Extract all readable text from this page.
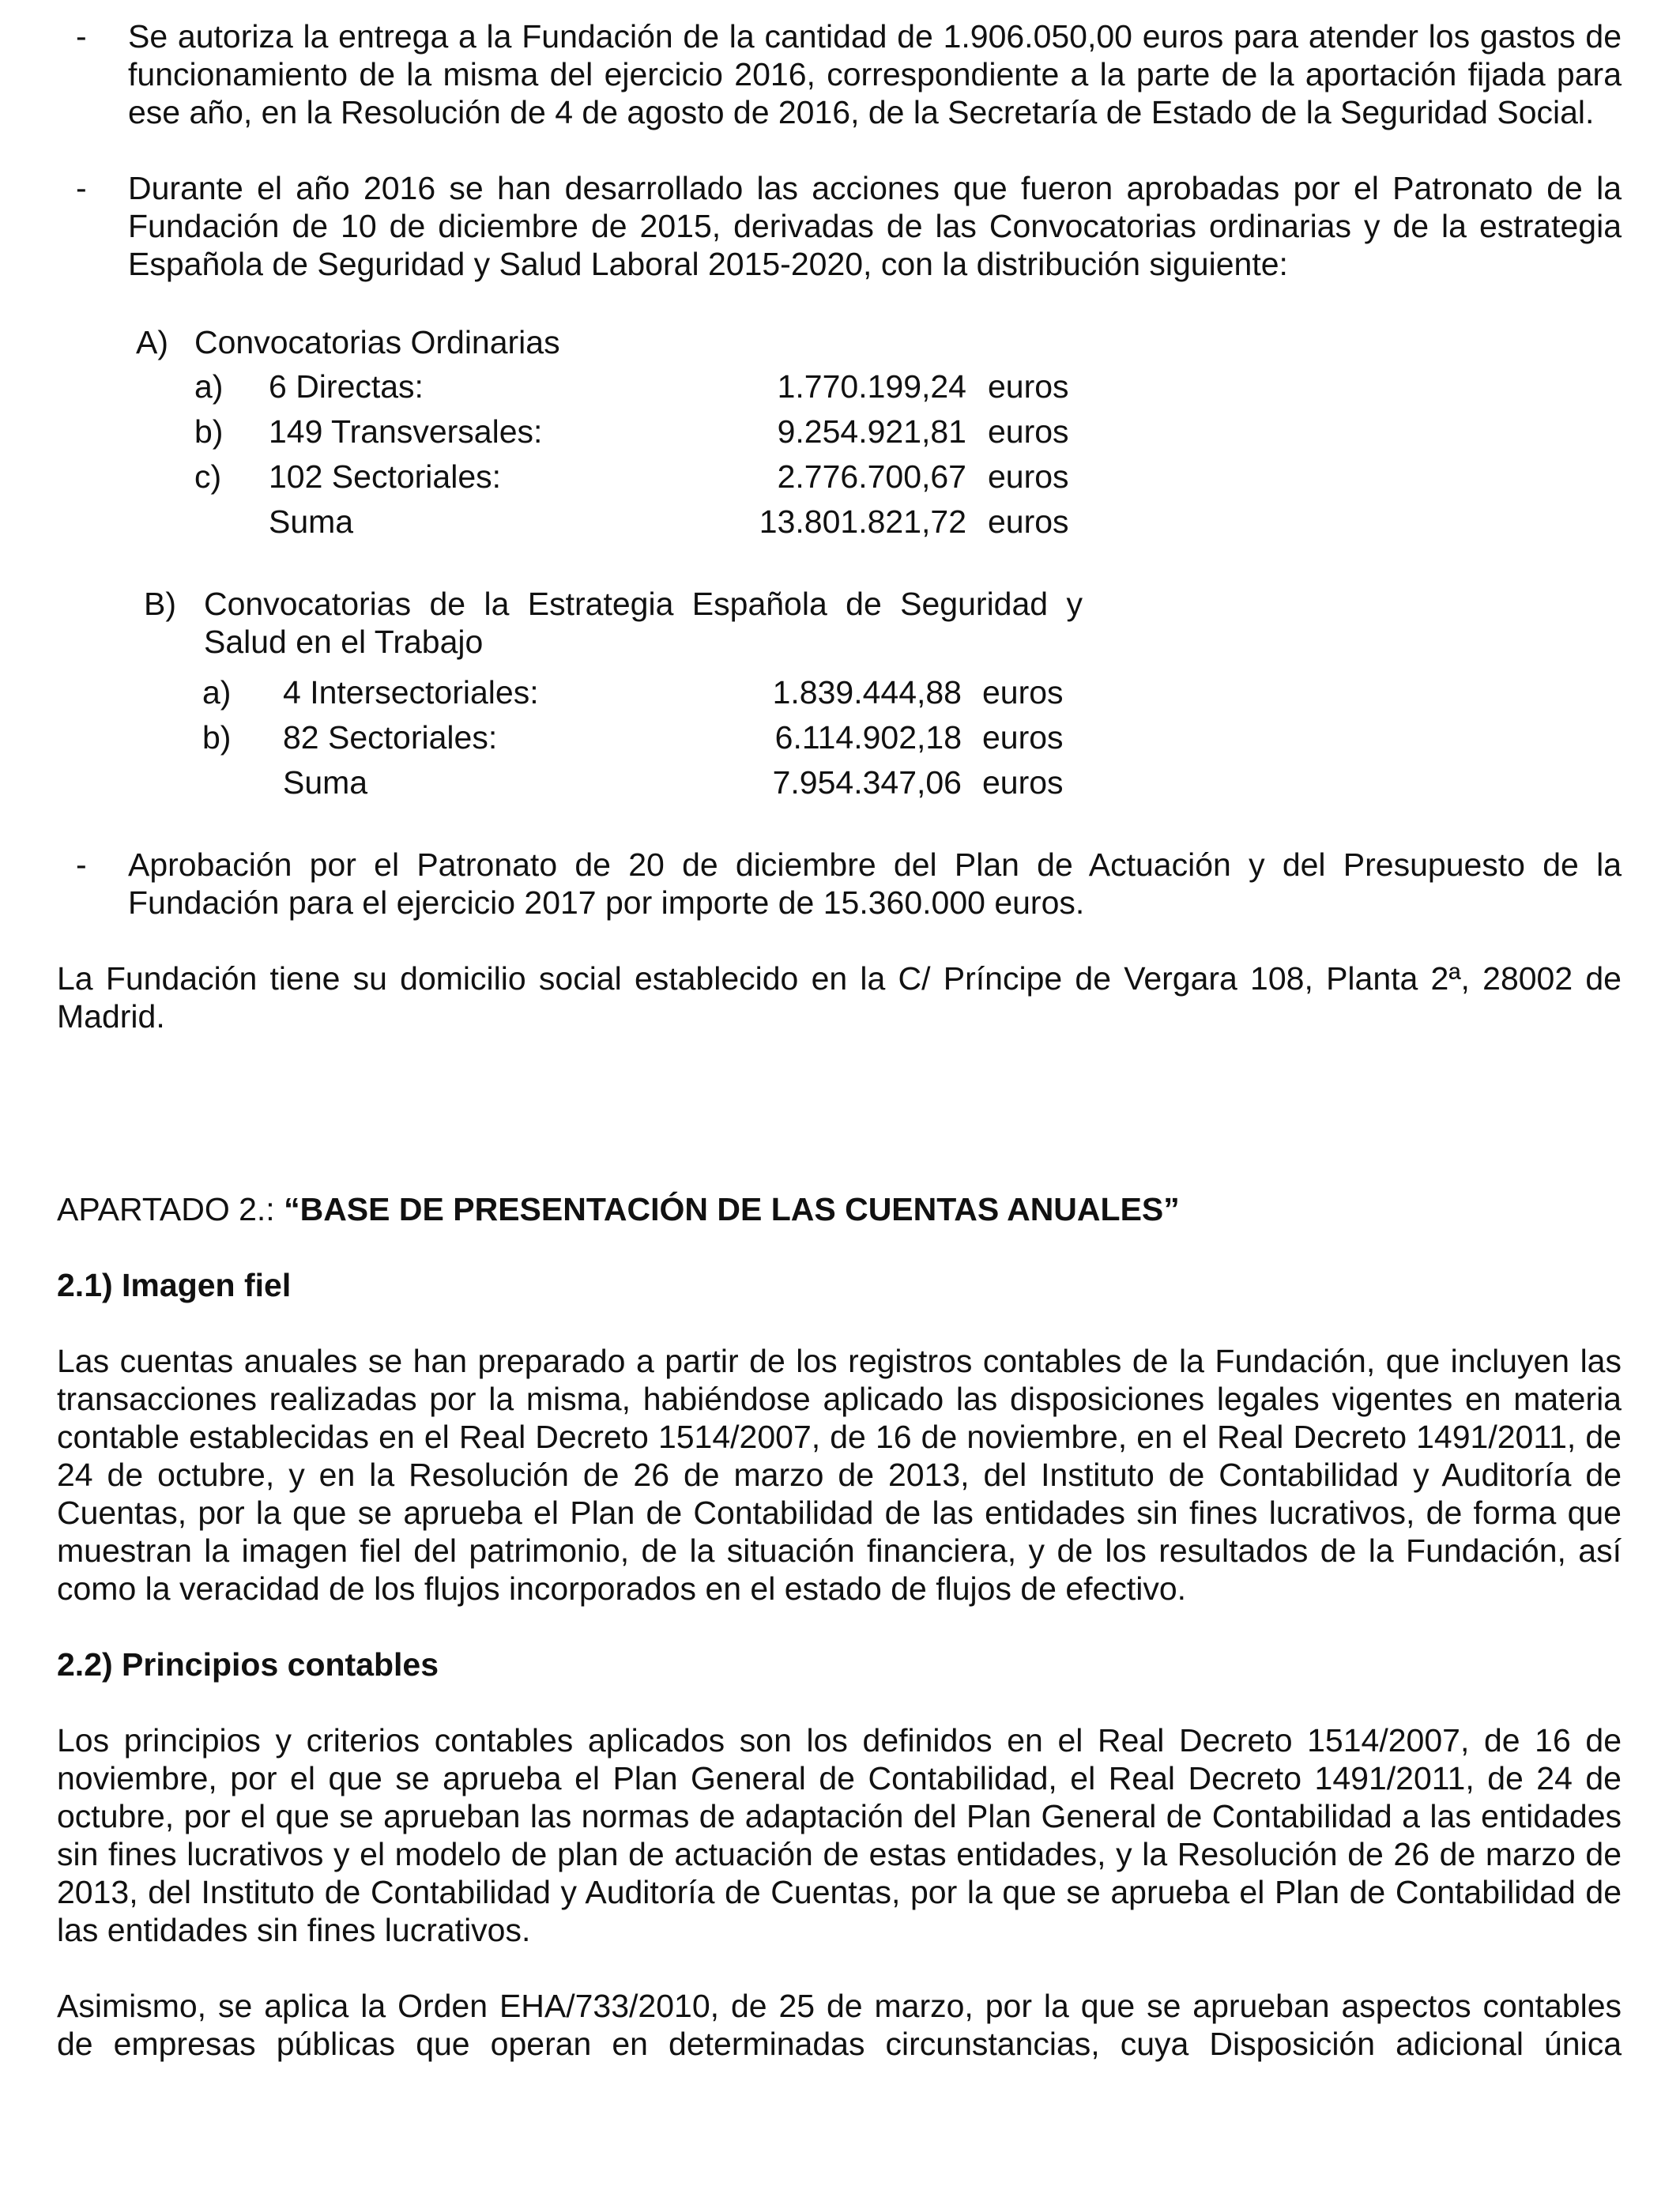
-	Se autoriza la entrega a la Fundación de la cantidad de 1.906.050,00 euros para atender los gastos de funcionamiento de la misma del ejercicio 2016, correspondiente a la parte de la aportación fijada para ese año, en la Resolución de 4 de agosto de 2016, de la Secretaría de Estado de la Seguridad Social.
-	Durante el año 2016 se han desarrollado las acciones que fueron aprobadas por el Patronato de la Fundación de 10 de diciembre de 2015, derivadas de las Convocatorias ordinarias y de la estrategia Española de Seguridad y Salud Laboral 2015-2020, con la distribución siguiente:
A) Convocatorias Ordinarias
a) 6 Directas:	1.770.199,24 euros
b) 149 Transversales:	9.254.921,81 euros
c) 102 Sectoriales:	2.776.700,67 euros
Suma	13.801.821,72 euros
B) Convocatorias de la Estrategia Española de Seguridad y Salud en el Trabajo
a) 4 Intersectoriales:	1.839.444,88 euros
b) 82 Sectoriales:	6.114.902,18 euros
Suma	7.954.347,06 euros
-	Aprobación por el Patronato de 20 de diciembre del Plan de Actuación y del Presupuesto de la Fundación para el ejercicio 2017 por importe de 15.360.000 euros.
La Fundación tiene su domicilio social establecido en la C/ Príncipe de Vergara 108, Planta 2ª, 28002 de Madrid.
APARTADO 2.: “BASE DE PRESENTACIÓN DE LAS CUENTAS ANUALES”
2.1) Imagen fiel
Las cuentas anuales se han preparado a partir de los registros contables de la Fundación, que incluyen las transacciones realizadas por la misma, habiéndose aplicado las disposiciones legales vigentes en materia contable establecidas en el Real Decreto 1514/2007, de 16 de noviembre, en el Real Decreto 1491/2011, de 24 de octubre, y en la Resolución de 26 de marzo de 2013, del Instituto de Contabilidad y Auditoría de Cuentas, por la que se aprueba el Plan de Contabilidad de las entidades sin fines lucrativos, de forma que muestran la imagen fiel del patrimonio, de la situación financiera, y de los resultados de la Fundación, así como la veracidad de los flujos incorporados en el estado de flujos de efectivo.
2.2) Principios contables
Los principios y criterios contables aplicados son los definidos en el Real Decreto 1514/2007, de 16 de noviembre, por el que se aprueba el Plan General de Contabilidad, el Real Decreto 1491/2011, de 24 de octubre, por el que se aprueban las normas de adaptación del Plan General de Contabilidad a las entidades sin fines lucrativos y el modelo de plan de actuación de estas entidades, y la Resolución de 26 de marzo de 2013, del Instituto de Contabilidad y Auditoría de Cuentas, por la que se aprueba el Plan de Contabilidad de las entidades sin fines lucrativos.
Asimismo, se aplica la Orden EHA/733/2010, de 25 de marzo, por la que se aprueban aspectos contables de empresas públicas que operan en determinadas circunstancias, cuya Disposición adicional única
